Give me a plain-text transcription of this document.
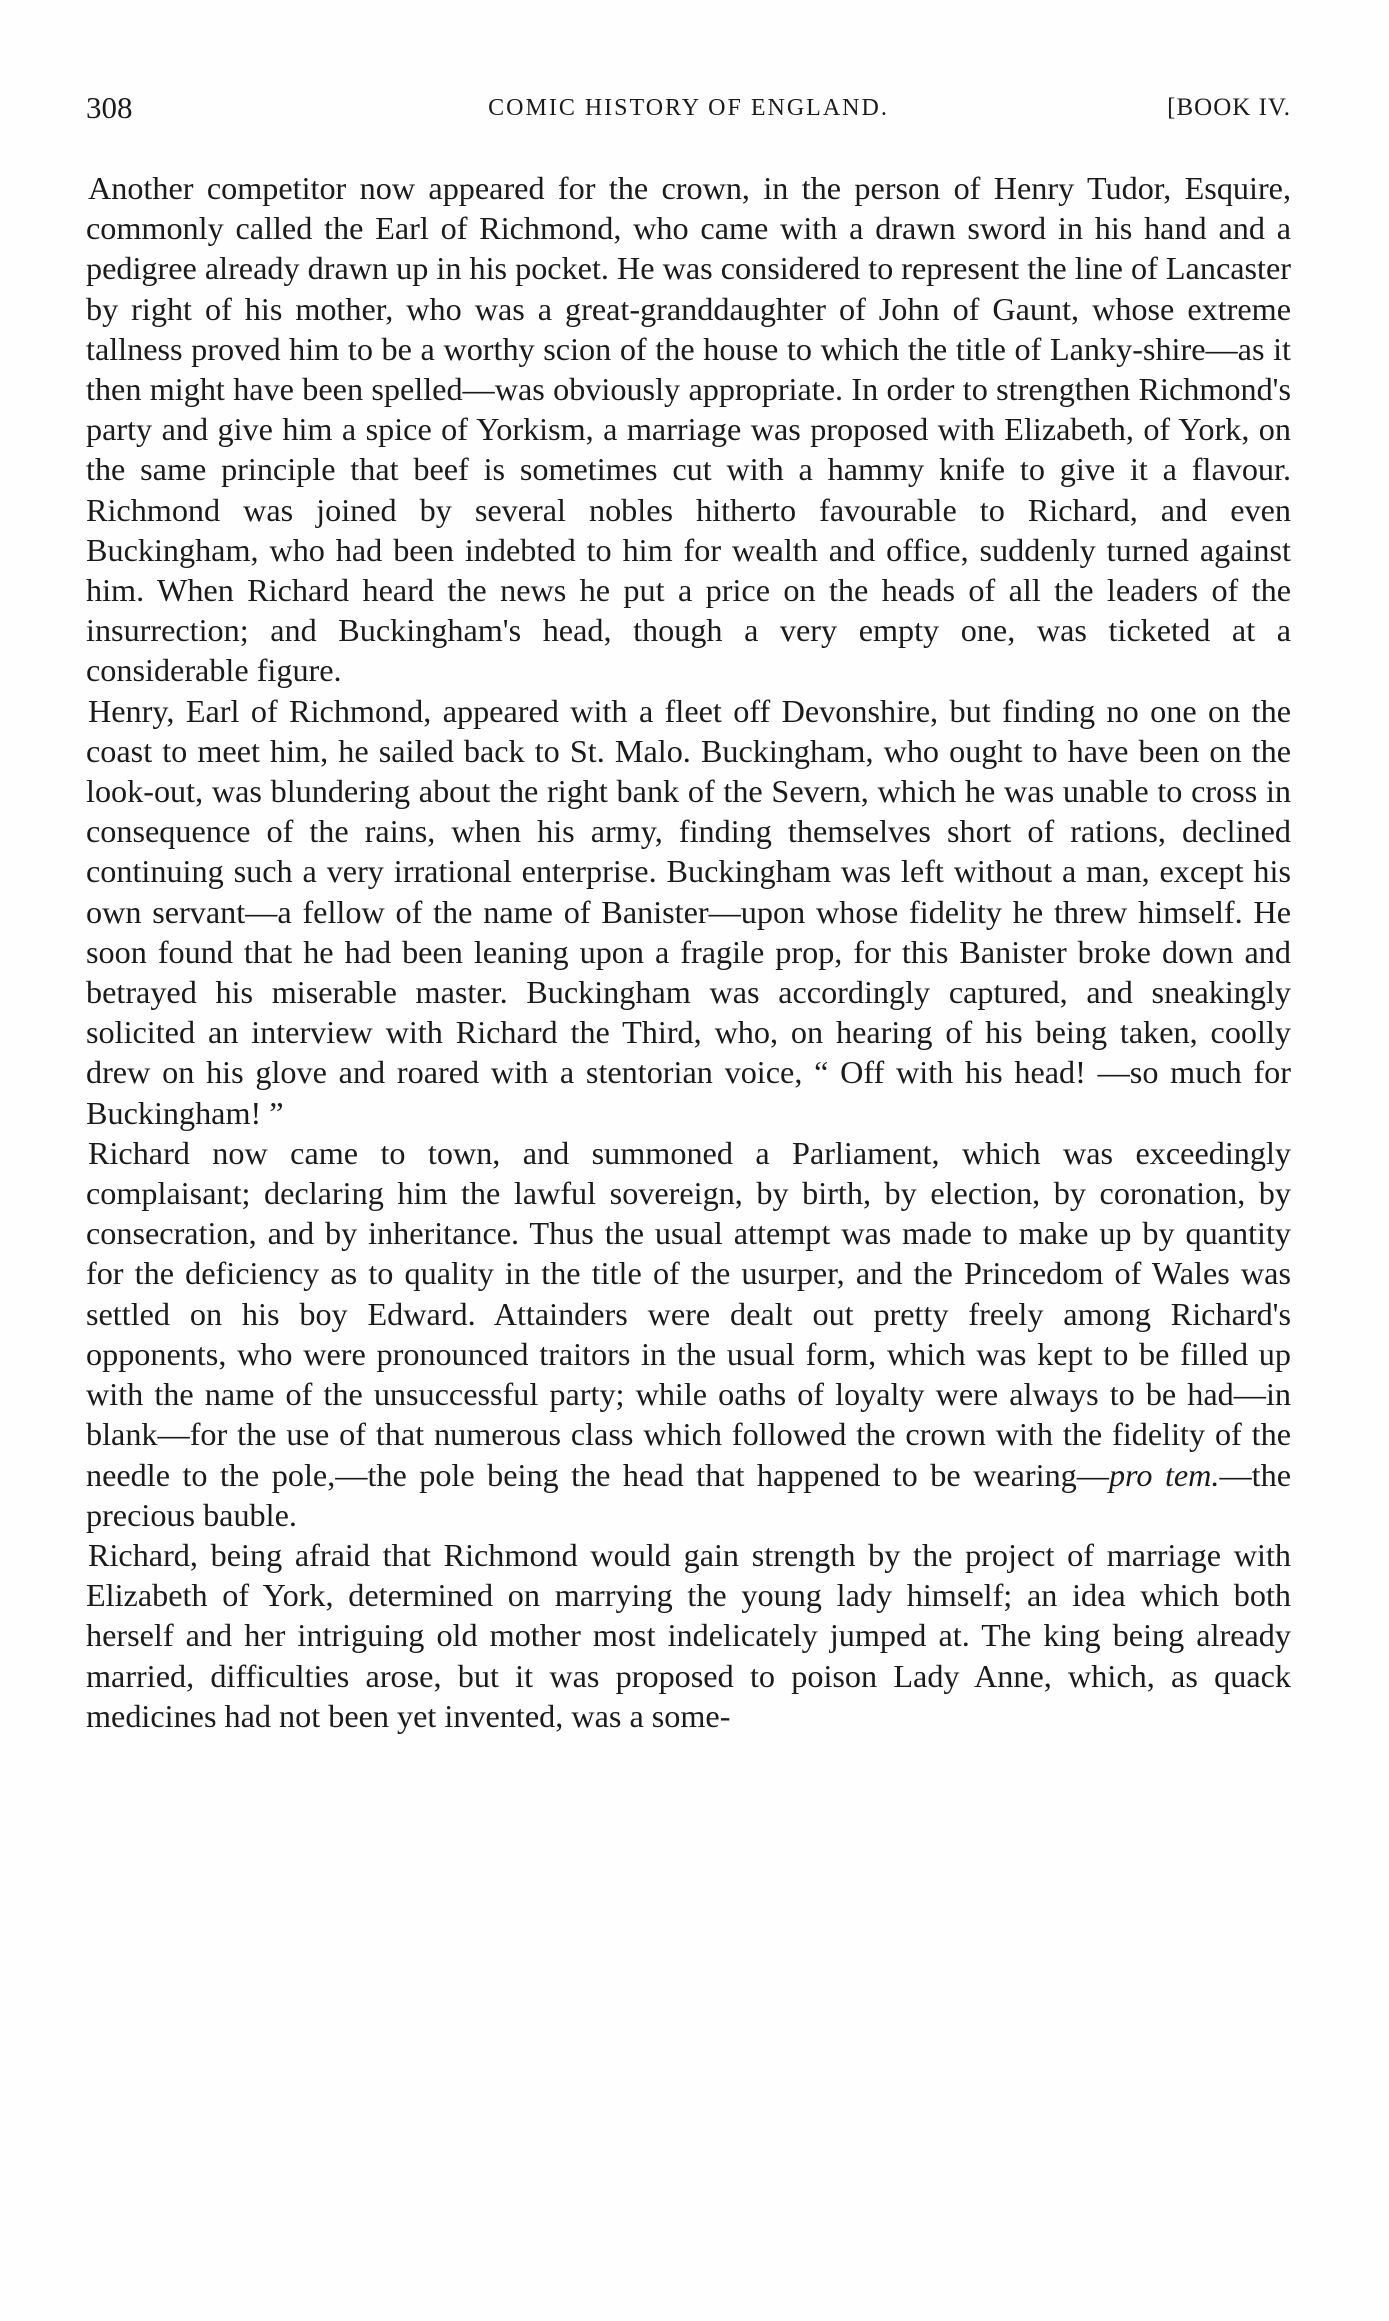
308	COMIC HISTORY OF ENGLAND.	[BOOK IV.

Another competitor now appeared for the crown, in the person of Henry Tudor, Esquire, commonly called the Earl of Richmond, who came with a drawn sword in his hand and a pedigree already drawn up in his pocket. He was considered to represent the line of Lancaster by right of his mother, who was a great-granddaughter of John of Gaunt, whose extreme tallness proved him to be a worthy scion of the house to which the title of Lanky-shire—as it then might have been spelled—was obviously appropriate. In order to strengthen Richmond's party and give him a spice of Yorkism, a marriage was proposed with Elizabeth, of York, on the same principle that beef is sometimes cut with a hammy knife to give it a flavour. Richmond was joined by several nobles hitherto favourable to Richard, and even Buckingham, who had been indebted to him for wealth and office, suddenly turned against him. When Richard heard the news he put a price on the heads of all the leaders of the insurrection; and Buckingham's head, though a very empty one, was ticketed at a considerable figure.

Henry, Earl of Richmond, appeared with a fleet off Devonshire, but finding no one on the coast to meet him, he sailed back to St. Malo. Buckingham, who ought to have been on the look-out, was blundering about the right bank of the Severn, which he was unable to cross in consequence of the rains, when his army, finding themselves short of rations, declined continuing such a very irrational enterprise. Buckingham was left without a man, except his own servant—a fellow of the name of Banister—upon whose fidelity he threw himself. He soon found that he had been leaning upon a fragile prop, for this Banister broke down and betrayed his miserable master. Buckingham was accordingly captured, and sneakingly solicited an interview with Richard the Third, who, on hearing of his being taken, coolly drew on his glove and roared with a stentorian voice, “ Off with his head! —so much for Buckingham! ”

Richard now came to town, and summoned a Parliament, which was exceedingly complaisant; declaring him the lawful sovereign, by birth, by election, by coronation, by consecration, and by inheritance. Thus the usual attempt was made to make up by quantity for the deficiency as to quality in the title of the usurper, and the Princedom of Wales was settled on his boy Edward. Attainders were dealt out pretty freely among Richard's opponents, who were pronounced traitors in the usual form, which was kept to be filled up with the name of the unsuccessful party; while oaths of loyalty were always to be had—in blank—for the use of that numerous class which followed the crown with the fidelity of the needle to the pole,—the pole being the head that happened to be wearing—pro tem.—the precious bauble.

Richard, being afraid that Richmond would gain strength by the project of marriage with Elizabeth of York, determined on marrying the young lady himself; an idea which both herself and her intriguing old mother most indelicately jumped at. The king being already married, difficulties arose, but it was proposed to poison Lady Anne, which, as quack medicines had not been yet invented, was a some-
